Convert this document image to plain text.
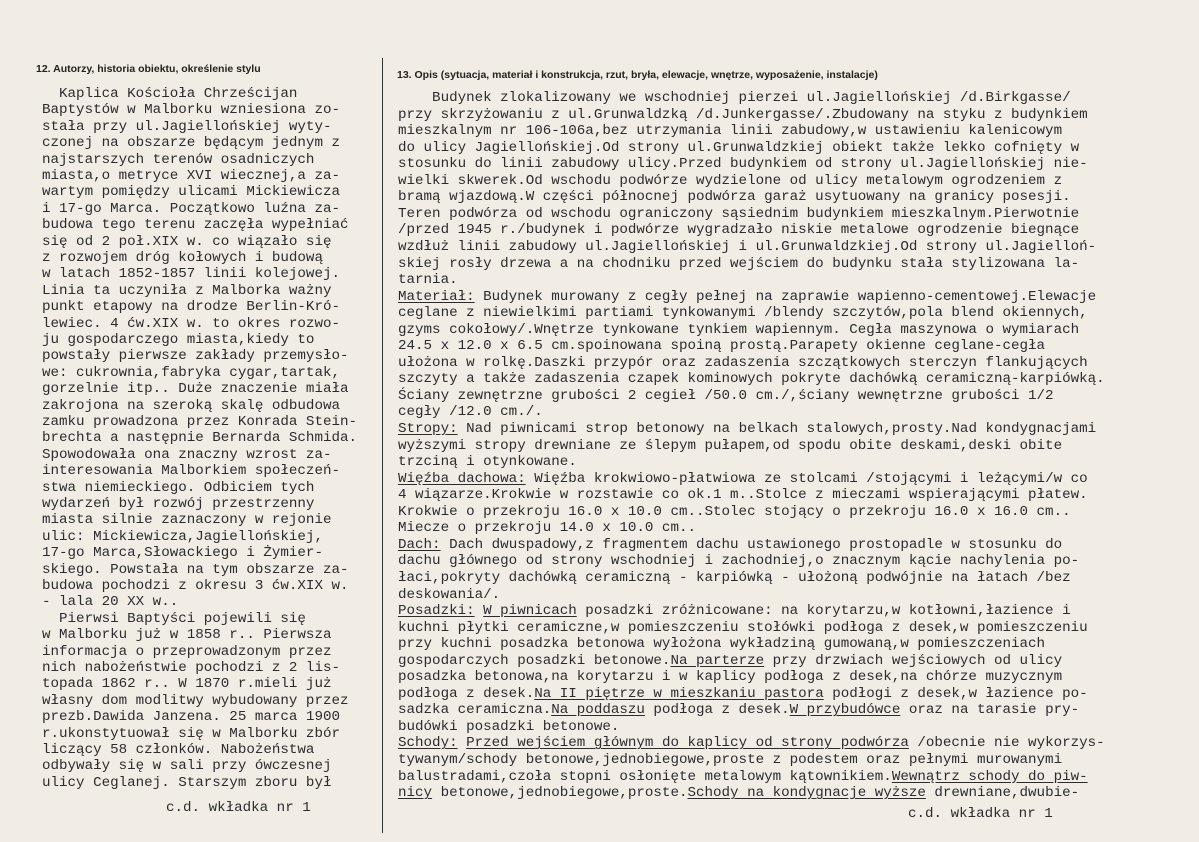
12. Autorzy, historia obiektu, określenie stylu	13. Opis (sytuacja, materiał i konstrukcja, rzut, bryła, elewacje, wnętrze, wyposażenie, instalacje)
Kaplica Kościoła Chrześcijan
Baptystów w Malborku wzniesiona zo-
stała przy ul.Jagiellońskiej wyty-
czonej na obszarze będącym jednym z
najstarszych terenów osadniczych
miasta,o metryce XVI wiecznej,a za-
wartym pomiędzy ulicami Mickiewicza
i 17-go Marca. Początkowo luźna za-
budowa tego terenu zaczęła wypełniać
się od 2 poł.XIX w. co wiązało się
z rozwojem dróg kołowych i budową
w latach 1852-1857 linii kolejowej.
Linia ta uczyniła z Malborka ważny
punkt etapowy na drodze Berlin-Kró-
lewiec. 4 ćw.XIX w. to okres rozwo-
ju gospodarczego miasta,kiedy to
powstały pierwsze zakłady przemysło-
we: cukrownia,fabryka cygar,tartak,
gorzelnie itp.. Duże znaczenie miała
zakrojona na szeroką skalę odbudowa
zamku prowadzona przez Konrada Stein-
brechta a następnie Bernarda Schmida.
Spowodowała ona znaczny wzrost za-
interesowania Malborkiem społeczeń-
stwa niemieckiego. Odbiciem tych
wydarzeń był rozwój przestrzenny
miasta silnie zaznaczony w rejonie
ulic: Mickiewicza,Jagiellońskiej,
17-go Marca,Słowackiego i Żymier-
skiego. Powstała na tym obszarze za-
budowa pochodzi z okresu 3 ćw.XIX w.
- lala 20 XX w..
Pierwsi Baptyści pojewili się
w Malborku już w 1858 r.. Pierwsza
informacja o przeprowadzonym przez
nich nabożeństwie pochodzi z 2 lis-
topada 1862 r.. W 1870 r.mieli już
własny dom modlitwy wybudowany przez
prezb.Dawida Janzena. 25 marca 1900
r.ukonstytuował się w Malborku zbór
liczący 58 członków. Nabożeństwa
odbywały się w sali przy ówczesnej
ulicy Ceglanej. Starszym zboru był
Budynek zlokalizowany we wschodniej pierzei ul.Jagiellońskiej /d.Birkgasse/
przy skrzyżowaniu z ul.Grunwaldzką /d.Junkergasse/.Zbudowany na styku z budynkiem
mieszkalnym nr 106-106a,bez utrzymania linii zabudowy,w ustawieniu kalenicowym
do ulicy Jagiellońskiej.Od strony ul.Grunwaldzkiej obiekt także lekko cofnięty w
stosunku do linii zabudowy ulicy.Przed budynkiem od strony ul.Jagiellońskiej nie-
wielki skwerek.Od wschodu podwórze wydzielone od ulicy metalowym ogrodzeniem z
bramą wjazdową.W części północnej podwórza garaż usytuowany na granicy posesji.
Teren podwórza od wschodu ograniczony sąsiednim budynkiem mieszkalnym.Pierwotnie
/przed 1945 r./budynek i podwórze wygradzało niskie metalowe ogrodzenie biegnące
wzdłuż linii zabudowy ul.Jagiellońskiej i ul.Grunwaldzkiej.Od strony ul.Jagielloń-
skiej rosły drzewa a na chodniku przed wejściem do budynku stała stylizowana la-
tarnia.
Materiał: Budynek murowany z cegły pełnej na zaprawie wapienno-cementowej.Elewacje
ceglane z niewielkimi partiami tynkowanymi /blendy szczytów,pola blend okiennych,
gzyms cokołowy/.Wnętrze tynkowane tynkiem wapiennym. Cegła maszynowa o wymiarach
24.5 x 12.0 x 6.5 cm.spoinowana spoiną prostą.Parapety okienne ceglane-cegła
ułożona w rolkę.Daszki przypór oraz zadaszenia szczątkowych sterczyn flankujących
szczyty a także zadaszenia czapek kominowych pokryte dachówką ceramiczną-karpiówką.
Ściany zewnętrzne grubości 2 cegieł /50.0 cm./,ściany wewnętrzne grubości 1/2
cegły /12.0 cm./.
Stropy: Nad piwnicami strop betonowy na belkach stalowych,prosty.Nad kondygnacjami
wyższymi stropy drewniane ze ślepym pułapem,od spodu obite deskami,deski obite
trzciną i otynkowane.
Więźba dachowa: Więźba krokwiowo-płatwiowa ze stolcami /stojącymi i leżącymi/w co
4 wiązarze.Krokwie w rozstawie co ok.1 m..Stolce z mieczami wspierającymi płatew.
Krokwie o przekroju 16.0 x 10.0 cm..Stolec stojący o przekroju 16.0 x 16.0 cm..
Miecze o przekroju 14.0 x 10.0 cm..
Dach: Dach dwuspadowy,z fragmentem dachu ustawionego prostopadle w stosunku do
dachu głównego od strony wschodniej i zachodniej,o znacznym kącie nachylenia po-
łaci,pokryty dachówką ceramiczną - karpiówką - ułożoną podwójnie na łatach /bez
deskowania/.
Posadzki: W piwnicach posadzki zróżnicowane: na korytarzu,w kotłowni,łazience i
kuchni płytki ceramiczne,w pomieszczeniu stołówki podłoga z desek,w pomieszczeniu
przy kuchni posadzka betonowa wyłożona wykładziną gumowaną,w pomieszczeniach
gospodarczych posadzki betonowe.Na parterze przy drzwiach wejściowych od ulicy
posadzka betonowa,na korytarzu i w kaplicy podłoga z desek,na chórze muzycznym
podłoga z desek.Na II piętrze w mieszkaniu pastora podłogi z desek,w łazience po-
sadzka ceramiczna.Na poddaszu podłoga z desek.W przybudówce oraz na tarasie pry-
budówki posadzki betonowe.
Schody: Przed wejściem głównym do kaplicy od strony podwórza /obecnie nie wykorzys-
tywanym/schody betonowe,jednobiegowe,proste z podestem oraz pełnymi murowanymi
balustradami,czoła stopni osłonięte metalowym kątownikiem.Wewnątrz schody do piw-
nicy betonowe,jednobiegowe,proste.Schody na kondygnacje wyższe drewniane,dwubie-
c.d. wkładka nr 1	c.d. wkładka nr 1
